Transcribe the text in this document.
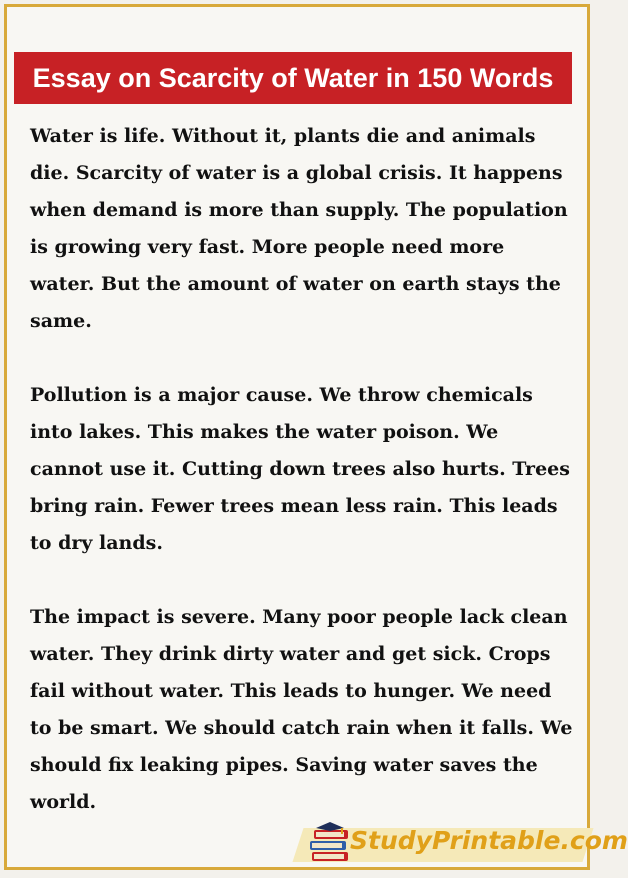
Essay on Scarcity of Water in 150 Words

Water is life. Without it, plants die and animals die. Scarcity of water is a global crisis. It happens when demand is more than supply. The population is growing very fast. More people need more water. But the amount of water on earth stays the same.

Pollution is a major cause. We throw chemicals into lakes. This makes the water poison. We cannot use it. Cutting down trees also hurts. Trees bring rain. Fewer trees mean less rain. This leads to dry lands.

The impact is severe. Many poor people lack clean water. They drink dirty water and get sick. Crops fail without water. This leads to hunger. We need to be smart. We should catch rain when it falls. We should fix leaking pipes. Saving water saves the world.

StudyPrintable.com
